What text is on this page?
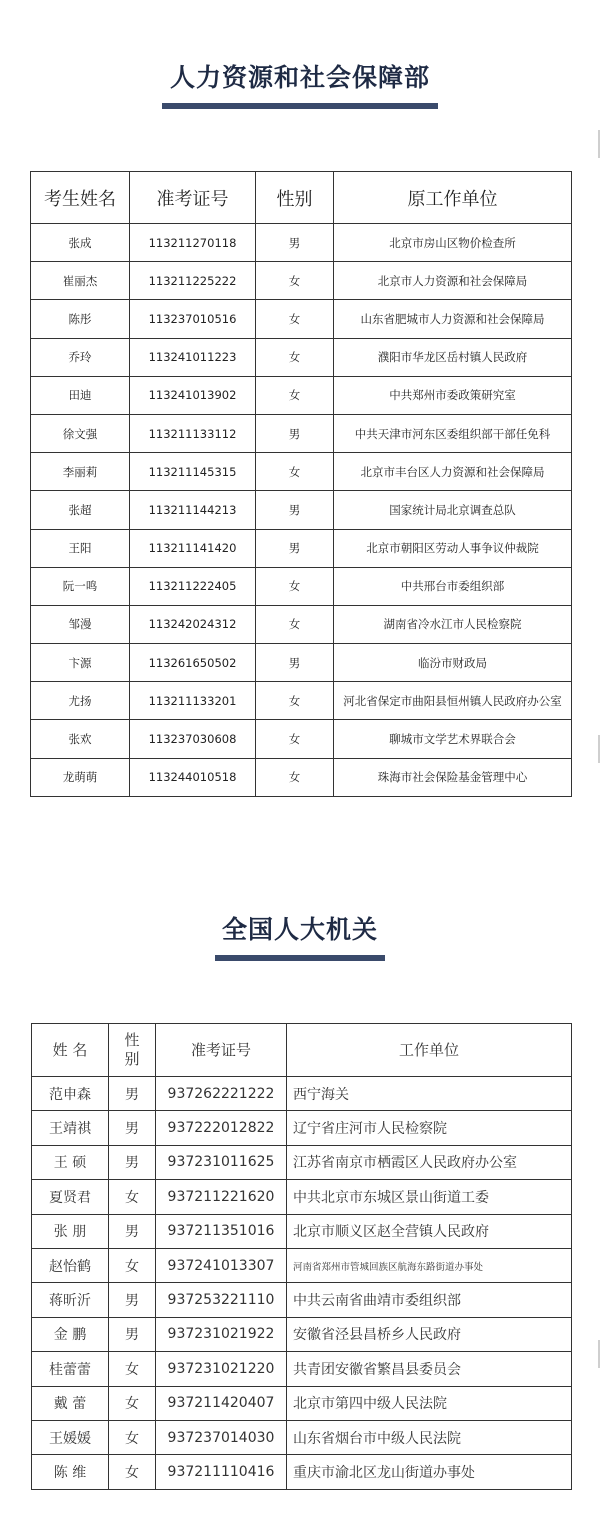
人力资源和社会保障部
考生姓名	准考证号	性别	原工作单位
张成	113211270118	男	北京市房山区物价检查所
崔丽杰	113211225222	女	北京市人力资源和社会保障局
陈彤	113237010516	女	山东省肥城市人力资源和社会保障局
乔玲	113241011223	女	濮阳市华龙区岳村镇人民政府
田迪	113241013902	女	中共郑州市委政策研究室
徐文强	113211133112	男	中共天津市河东区委组织部干部任免科
李丽莉	113211145315	女	北京市丰台区人力资源和社会保障局
张超	113211144213	男	国家统计局北京调查总队
王阳	113211141420	男	北京市朝阳区劳动人事争议仲裁院
阮一鸣	113211222405	女	中共邢台市委组织部
邹漫	113242024312	女	湖南省冷水江市人民检察院
卞源	113261650502	男	临汾市财政局
尤扬	113211133201	女	河北省保定市曲阳县恒州镇人民政府办公室
张欢	113237030608	女	聊城市文学艺术界联合会
龙萌萌	113244010518	女	珠海市社会保险基金管理中心
全国人大机关
姓 名	性别	准考证号	工作单位
范申森	男	937262221222	西宁海关
王靖祺	男	937222012822	辽宁省庄河市人民检察院
王 硕	男	937231011625	江苏省南京市栖霞区人民政府办公室
夏贤君	女	937211221620	中共北京市东城区景山街道工委
张 朋	男	937211351016	北京市顺义区赵全营镇人民政府
赵怡鹤	女	937241013307	河南省郑州市管城回族区航海东路街道办事处
蒋昕沂	男	937253221110	中共云南省曲靖市委组织部
金 鹏	男	937231021922	安徽省泾县昌桥乡人民政府
桂蕾蕾	女	937231021220	共青团安徽省繁昌县委员会
戴 蕾	女	937211420407	北京市第四中级人民法院
王媛媛	女	937237014030	山东省烟台市中级人民法院
陈 维	女	937211110416	重庆市渝北区龙山街道办事处
